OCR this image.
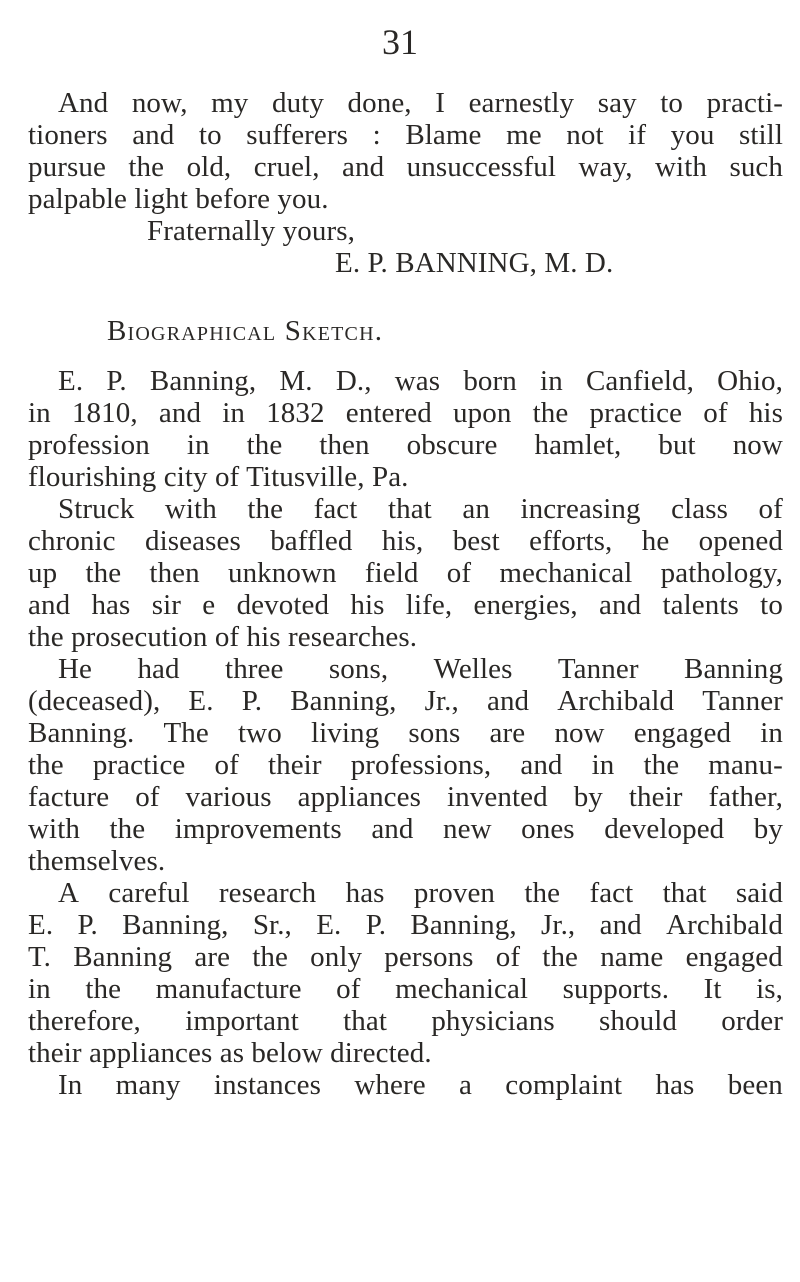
31
And now, my duty done, I earnestly say to practi-
tioners and to sufferers : Blame me not if you still
pursue the old, cruel, and unsuccessful way, with such
palpable light before you.
Fraternally yours,
E. P. BANNING, M. D.
Biographical Sketch.
E. P. Banning, M. D., was born in Canfield, Ohio,
in 1810, and in 1832 entered upon the practice of his
profession in the then obscure hamlet, but now
flourishing city of Titusville, Pa.
Struck with the fact that an increasing class of
chronic diseases baffled his, best efforts, he opened
up the then unknown field of mechanical pathology,
and has sir e devoted his life, energies, and talents to
the prosecution of his researches.
He had three sons, Welles Tanner Banning
(deceased), E. P. Banning, Jr., and Archibald Tanner
Banning. The two living sons are now engaged in
the practice of their professions, and in the manu-
facture of various appliances invented by their father,
with the improvements and new ones developed by
themselves.
A careful research has proven the fact that said
E. P. Banning, Sr., E. P. Banning, Jr., and Archibald
T. Banning are the only persons of the name engaged
in the manufacture of mechanical supports. It is,
therefore, important that physicians should order
their appliances as below directed.
In many instances where a complaint has been
